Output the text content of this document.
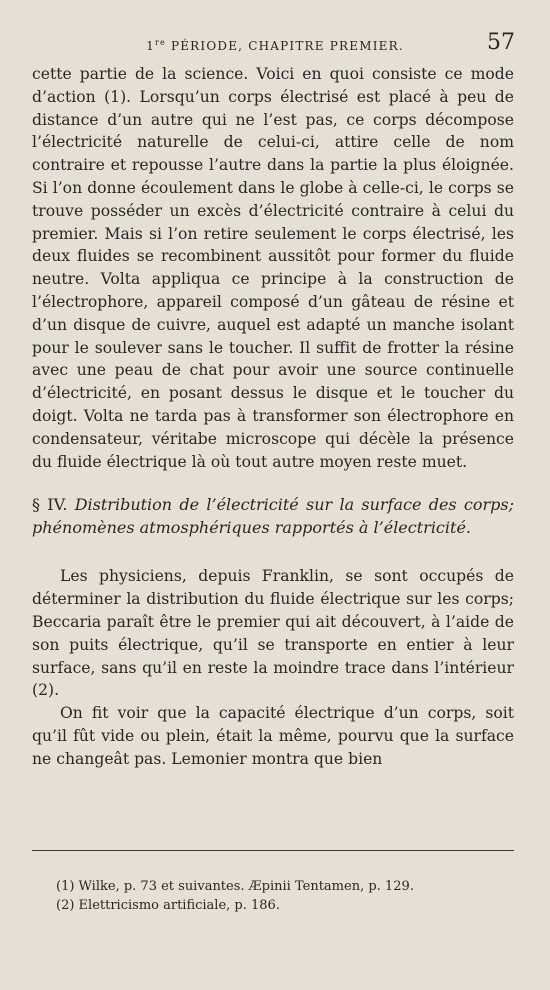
1re PÉRIODE, CHAPITRE PREMIER.	57

cette partie de la science. Voici en quoi consiste ce mode d’action (1). Lorsqu’un corps électrisé est placé à peu de distance d’un autre qui ne l’est pas, ce corps décompose l’électricité naturelle de celui-ci, attire celle de nom contraire et repousse l’autre dans la partie la plus éloignée. Si l’on donne écoulement dans le globe à celle-ci, le corps se trouve posséder un excès d’électricité contraire à celui du premier. Mais si l’on retire seulement le corps électrisé, les deux fluides se recombinent aussitôt pour former du fluide neutre. Volta appliqua ce principe à la construction de l’électrophore, appareil composé d’un gâteau de résine et d’un disque de cuivre, auquel est adapté un manche isolant pour le soulever sans le toucher. Il suffit de frotter la résine avec une peau de chat pour avoir une source continuelle d’électricité, en posant dessus le disque et le toucher du doigt. Volta ne tarda pas à transformer son électrophore en condensateur, véritabe microscope qui décèle la présence du fluide électrique là où tout autre moyen reste muet.

§ IV. Distribution de l’électricité sur la surface des corps; phénomènes atmosphériques rapportés à l’électricité.

Les physiciens, depuis Franklin, se sont occupés de déterminer la distribution du fluide électrique sur les corps; Beccaria paraît être le premier qui ait découvert, à l’aide de son puits électrique, qu’il se transporte en entier à leur surface, sans qu’il en reste la moindre trace dans l’intérieur (2).

On fit voir que la capacité électrique d’un corps, soit qu’il fût vide ou plein, était la même, pourvu que la surface ne changeât pas. Lemonier montra que bien

(1) Wilke, p. 73 et suivantes. Æpinii Tentamen, p. 129.
(2) Elettricismo artificiale, p. 186.
